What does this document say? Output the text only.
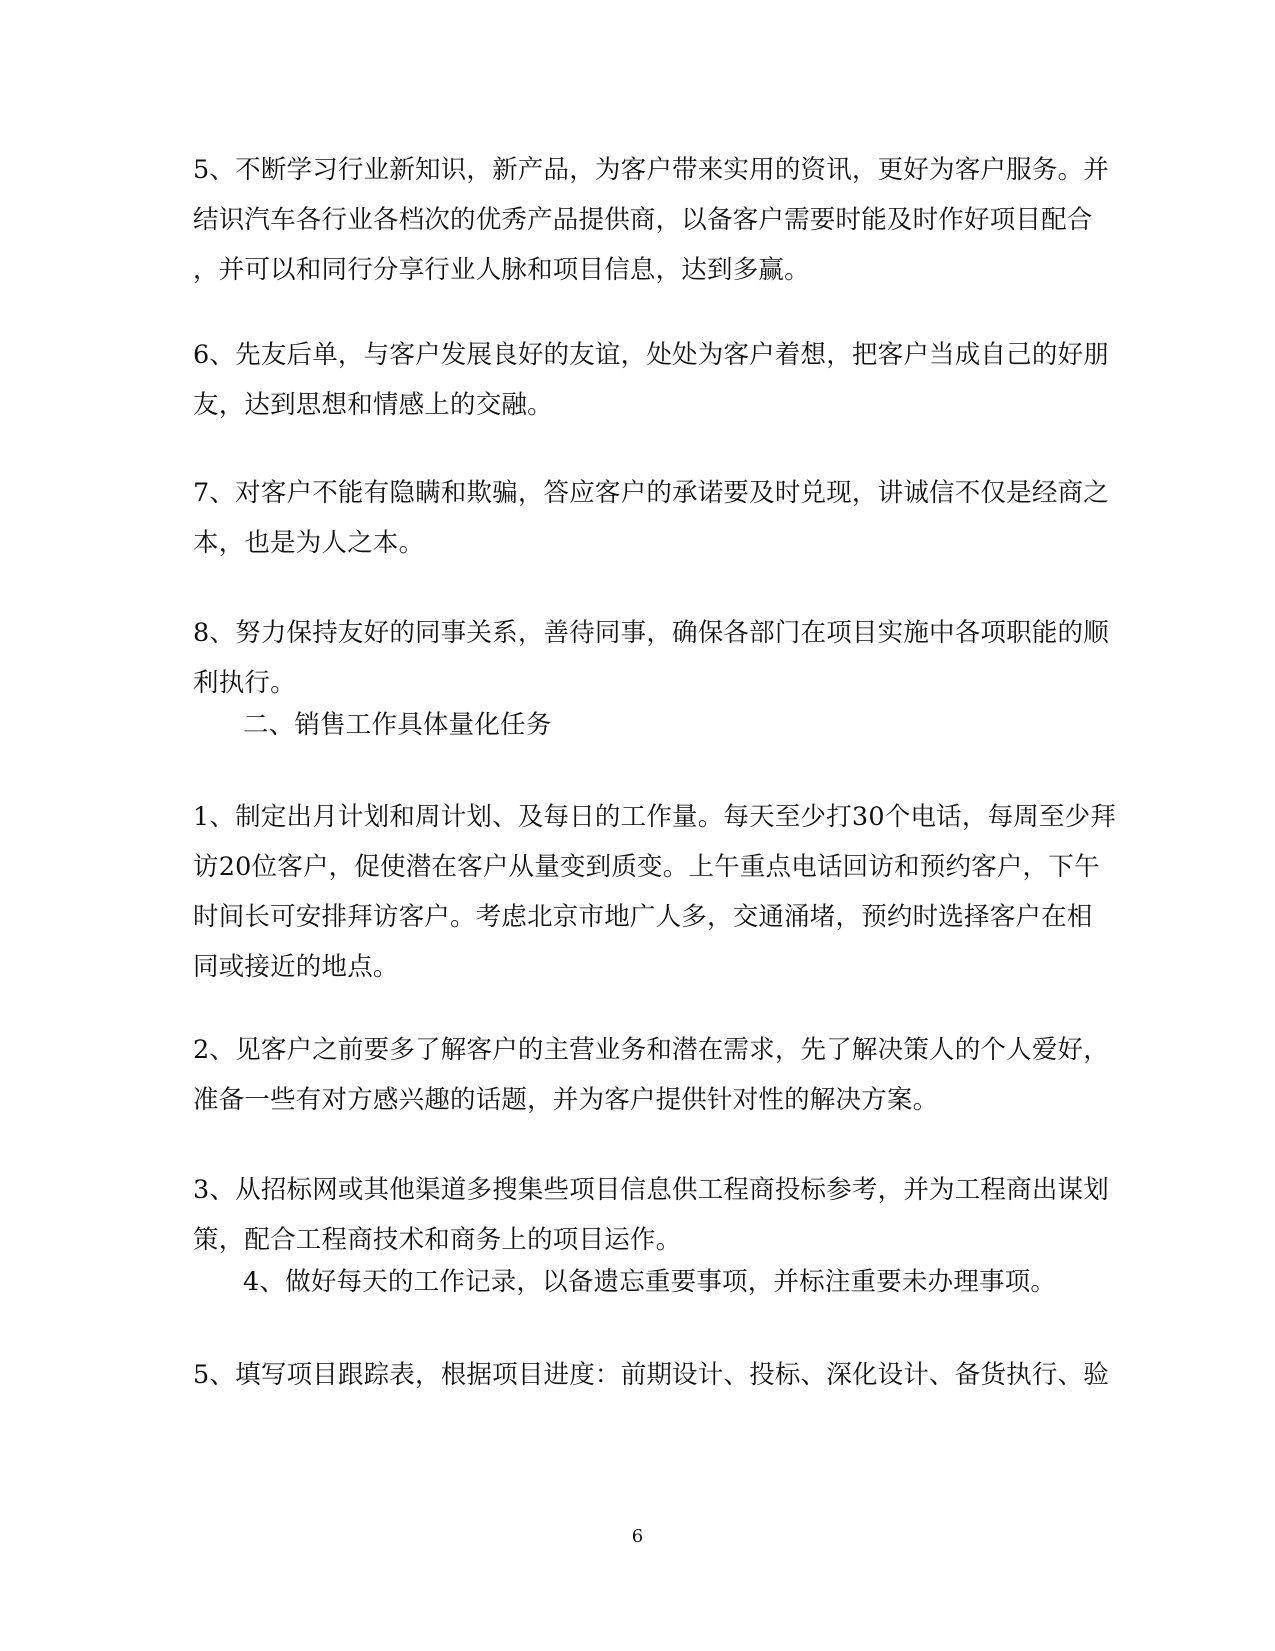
5、不断学习行业新知识，新产品，为客户带来实用的资讯，更好为客户服务。并
结识汽车各行业各档次的优秀产品提供商，以备客户需要时能及时作好项目配合
，并可以和同行分享行业人脉和项目信息，达到多赢。
6、先友后单，与客户发展良好的友谊，处处为客户着想，把客户当成自己的好朋
友，达到思想和情感上的交融。
7、对客户不能有隐瞒和欺骗，答应客户的承诺要及时兑现，讲诚信不仅是经商之
本，也是为人之本。
8、努力保持友好的同事关系，善待同事，确保各部门在项目实施中各项职能的顺
利执行。
二、销售工作具体量化任务
1、制定出月计划和周计划、及每日的工作量。每天至少打30个电话，每周至少拜
访20位客户，促使潜在客户从量变到质变。上午重点电话回访和预约客户，下午
时间长可安排拜访客户。考虑北京市地广人多，交通涌堵，预约时选择客户在相
同或接近的地点。
2、见客户之前要多了解客户的主营业务和潜在需求，先了解决策人的个人爱好，
准备一些有对方感兴趣的话题，并为客户提供针对性的解决方案。
3、从招标网或其他渠道多搜集些项目信息供工程商投标参考，并为工程商出谋划
策，配合工程商技术和商务上的项目运作。
4、做好每天的工作记录，以备遗忘重要事项，并标注重要未办理事项。
5、填写项目跟踪表，根据项目进度：前期设计、投标、深化设计、备货执行、验
6
